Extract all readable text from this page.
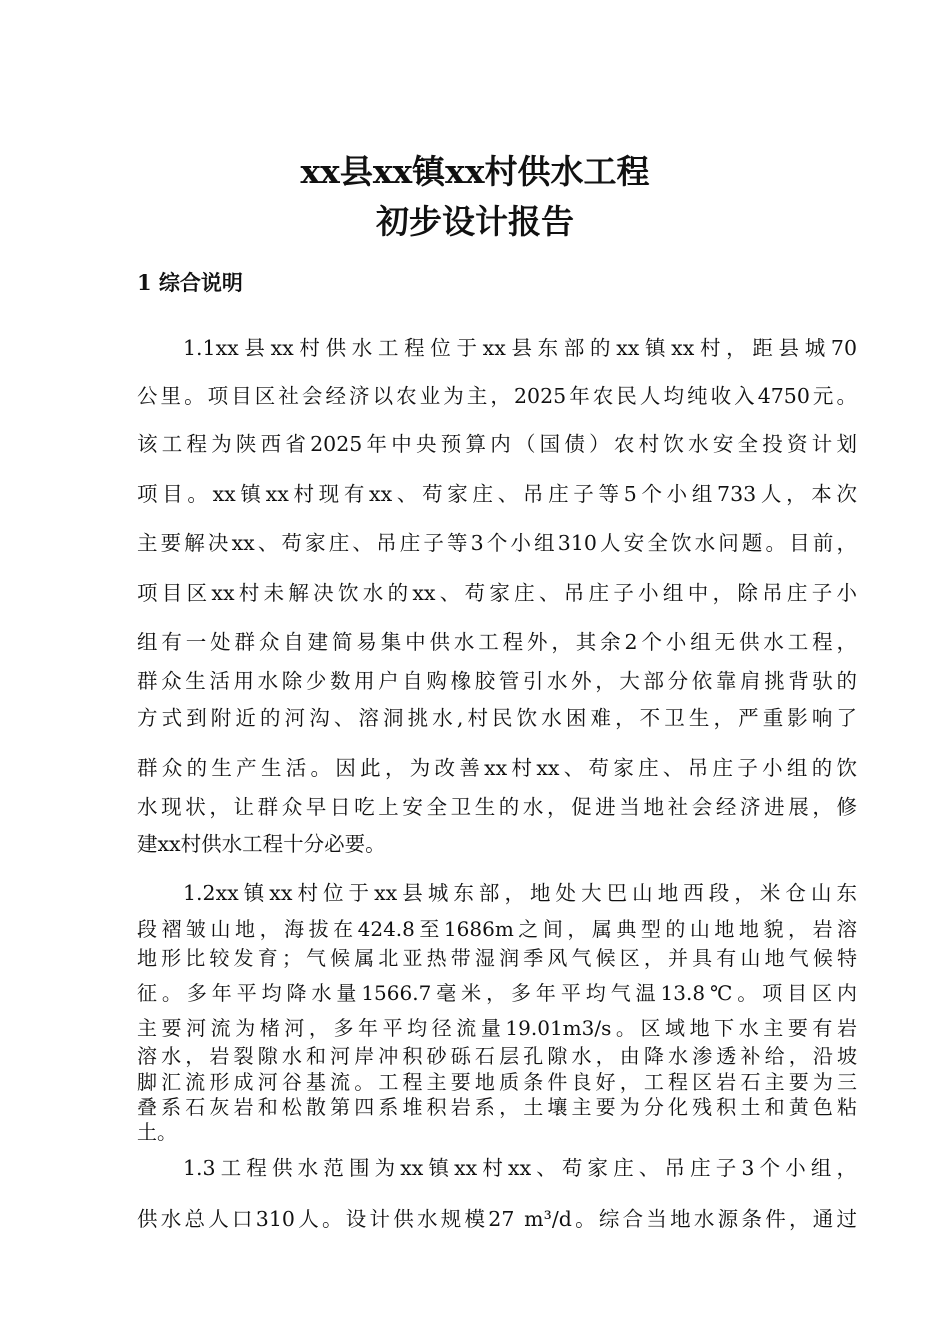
xx县xx镇xx村供水工程
初步设计报告
1 综合说明
1.1xx县xx村供水工程位于xx县东部的xx镇xx村，距县城70
公里。项目区社会经济以农业为主，2025年农民人均纯收入4750元。
该工程为陕西省2025年中央预算内（国债）农村饮水安全投资计划
项目。xx镇xx村现有xx、苟家庄、吊庄子等5个小组733人，本次
主要解决xx、苟家庄、吊庄子等3个小组310人安全饮水问题。目前，
项目区xx村未解决饮水的xx、苟家庄、吊庄子小组中，除吊庄子小
组有一处群众自建简易集中供水工程外，其余2个小组无供水工程，
群众生活用水除少数用户自购橡胶管引水外，大部分依靠肩挑背驮的
方式到附近的河沟、溶洞挑水,村民饮水困难，不卫生，严重影响了
群众的生产生活。因此，为改善xx村xx、苟家庄、吊庄子小组的饮
水现状，让群众早日吃上安全卫生的水，促进当地社会经济进展，修
建xx村供水工程十分必要。
1.2xx镇xx村位于xx县城东部，地处大巴山地西段，米仓山东
段褶皱山地，海拔在424.8至1686m之间，属典型的山地地貌，岩溶
地形比较发育；气候属北亚热带湿润季风气候区，并具有山地气候特
征。多年平均降水量1566.7毫米，多年平均气温13.8℃。项目区内
主要河流为楮河，多年平均径流量19.01m3/s。区域地下水主要有岩
溶水，岩裂隙水和河岸冲积砂砾石层孔隙水，由降水渗透补给，沿坡
脚汇流形成河谷基流。工程主要地质条件良好，工程区岩石主要为三
叠系石灰岩和松散第四系堆积岩系，土壤主要为分化残积土和黄色粘
土。
1.3工程供水范围为xx镇xx村xx、苟家庄、吊庄子3个小组，
供水总人口310人。设计供水规模27 m³/d。综合当地水源条件，通过
